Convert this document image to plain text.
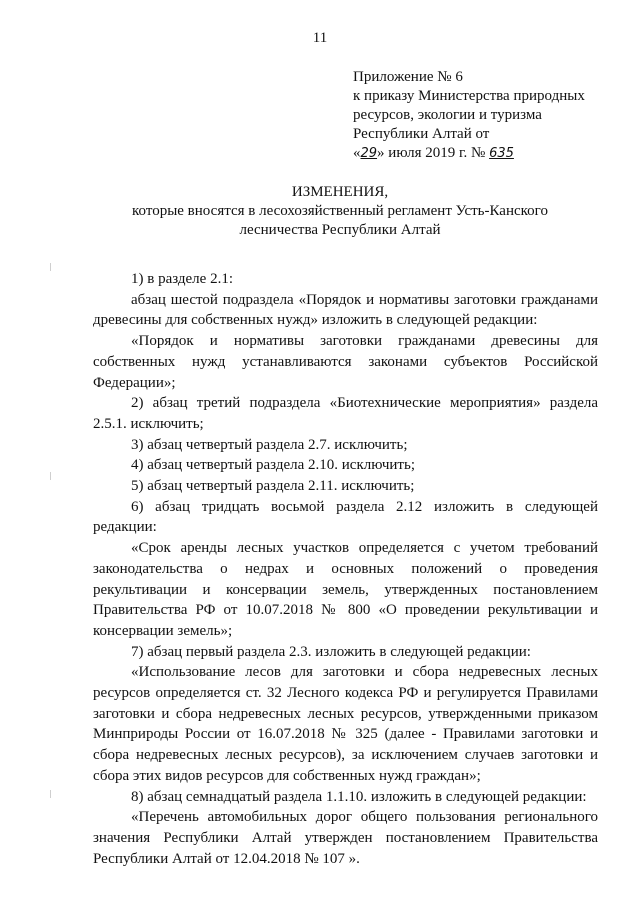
11
Приложение № 6
к приказу Министерства природных
ресурсов, экологии и туризма
Республики Алтай от
«29» июля 2019 г. № 635
ИЗМЕНЕНИЯ,
которые вносятся в лесохозяйственный регламент Усть-Канского
лесничества Республики Алтай

1) в разделе 2.1:

абзац шестой подраздела «Порядок и нормативы заготовки гражданами древесины для собственных нужд» изложить в следующей редакции:

«Порядок и нормативы заготовки гражданами древесины для собственных нужд устанавливаются законами субъектов Российской Федерации»;

2) абзац третий подраздела «Биотехнические мероприятия» раздела 2.5.1. исключить;

3) абзац четвертый раздела 2.7. исключить;

4) абзац четвертый раздела 2.10. исключить;

5) абзац четвертый раздела 2.11. исключить;

6) абзац тридцать восьмой раздела 2.12 изложить в следующей редакции:

«Срок аренды лесных участков определяется с учетом требований законодательства о недрах и основных положений о проведения рекультивации и консервации земель, утвержденных постановлением Правительства РФ от 10.07.2018 № 800 «О проведении рекультивации и консервации земель»;

7) абзац первый раздела 2.3. изложить в следующей редакции:

«Использование лесов для заготовки и сбора недревесных лесных ресурсов определяется ст. 32 Лесного кодекса РФ и регулируется Правилами заготовки и сбора недревесных лесных ресурсов, утвержденными приказом Минприроды России от 16.07.2018 № 325 (далее - Правилами заготовки и сбора недревесных лесных ресурсов), за исключением случаев заготовки и сбора этих видов ресурсов для собственных нужд граждан»;

8) абзац семнадцатый раздела 1.1.10. изложить в следующей редакции:

«Перечень автомобильных дорог общего пользования регионального значения Республики Алтай утвержден постановлением Правительства Республики Алтай от 12.04.2018 № 107 ».
